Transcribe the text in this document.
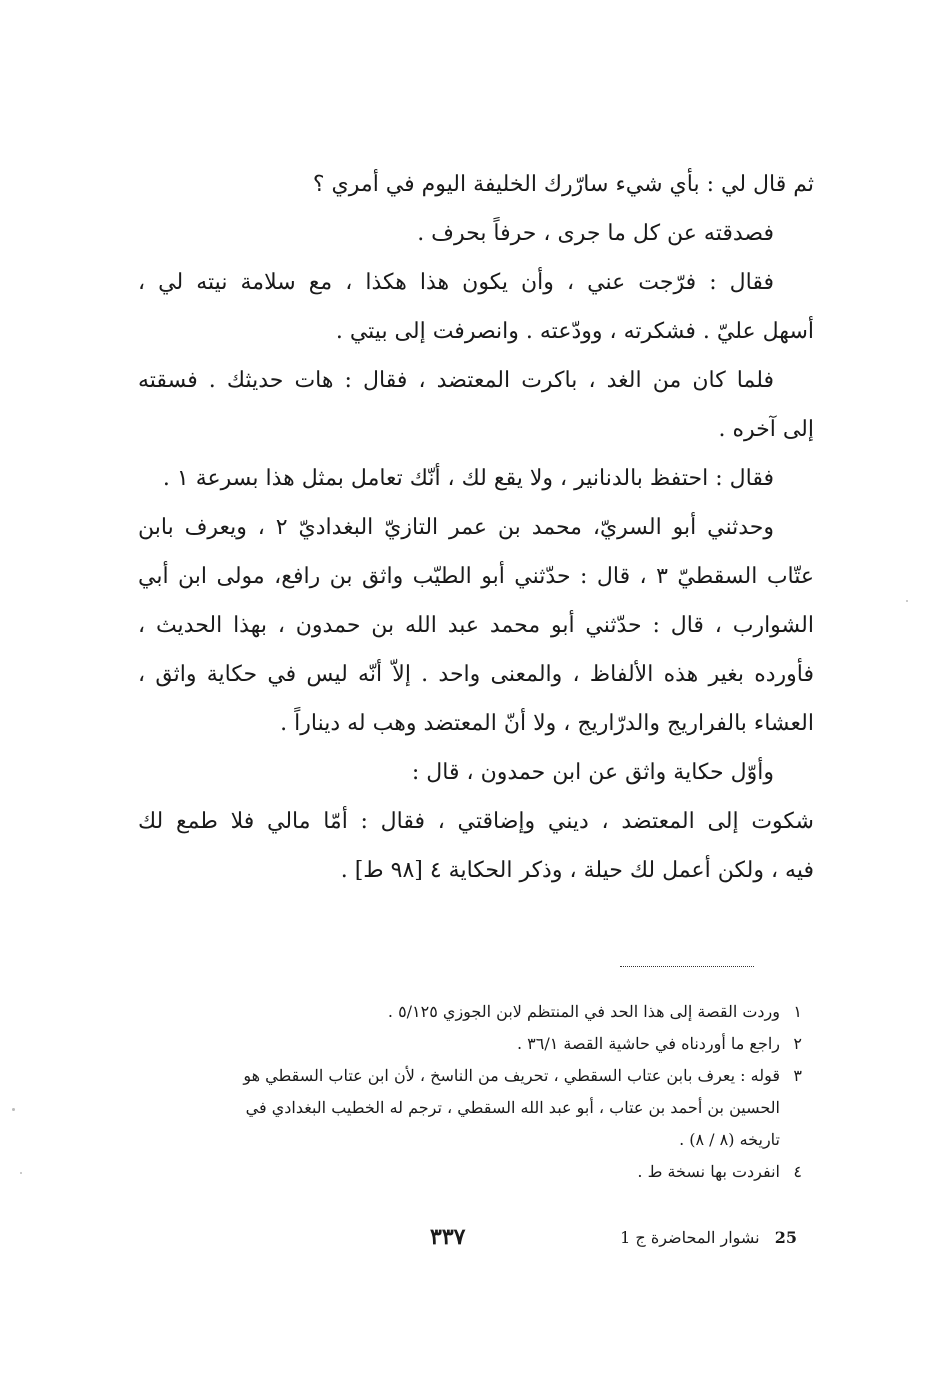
ثم قال لي : بأي شيء سارّرك الخليفة اليوم في أمري ؟
فصدقته عن كل ما جرى ، حرفاً بحرف .
فقال : فرّجت عني ، وأن يكون هذا هكذا ، مع سلامة نيته لي ،
أسهل عليّ . فشكرته ، وودّعته . وانصرفت إلى بيتي .
فلما كان من الغد ، باكرت المعتضد ، فقال : هات حديثك . فسقته
إلى آخره .
فقال : احتفظ بالدنانير ، ولا يقع لك ، أنّك تعامل بمثل هذا بسرعة ١ .
وحدثني أبو السريّ، محمد بن عمر التازيّ البغداديّ ٢ ، ويعرف بابن
عتّاب السقطيّ ٣ ، قال : حدّثني أبو الطيّب واثق بن رافع، مولى ابن أبي
الشوارب ، قال : حدّثني أبو محمد عبد الله بن حمدون ، بهذا الحديث ،
فأورده بغير هذه الألفاظ ، والمعنى واحد . إلاّ أنّه ليس في حكاية واثق ،
العشاء بالفراريج والدرّاريج ، ولا أنّ المعتضد وهب له ديناراً .
وأوّل حكاية واثق عن ابن حمدون ، قال :
شكوت إلى المعتضد ، ديني وإضاقتي ، فقال : أمّا مالي فلا طمع لك
فيه ، ولكن أعمل لك حيلة ، وذكر الحكاية ٤ [٩٨ ط] .
١وردت القصة إلى هذا الحد في المنتظم لابن الجوزي ٥/١٢٥ .
٢راجع ما أوردناه في حاشية القصة ٣٦/١ .
٣قوله : يعرف بابن عتاب السقطي ، تحريف من الناسخ ، لأن ابن عتاب السقطي هو
الحسين بن أحمد بن عتاب ، أبو عبد الله السقطي ، ترجم له الخطيب البغدادي في
تاريخه (٨ / ٨) .
٤انفردت بها نسخة ط .
٣٣٧	25 نشوار المحاضرة ج 1
